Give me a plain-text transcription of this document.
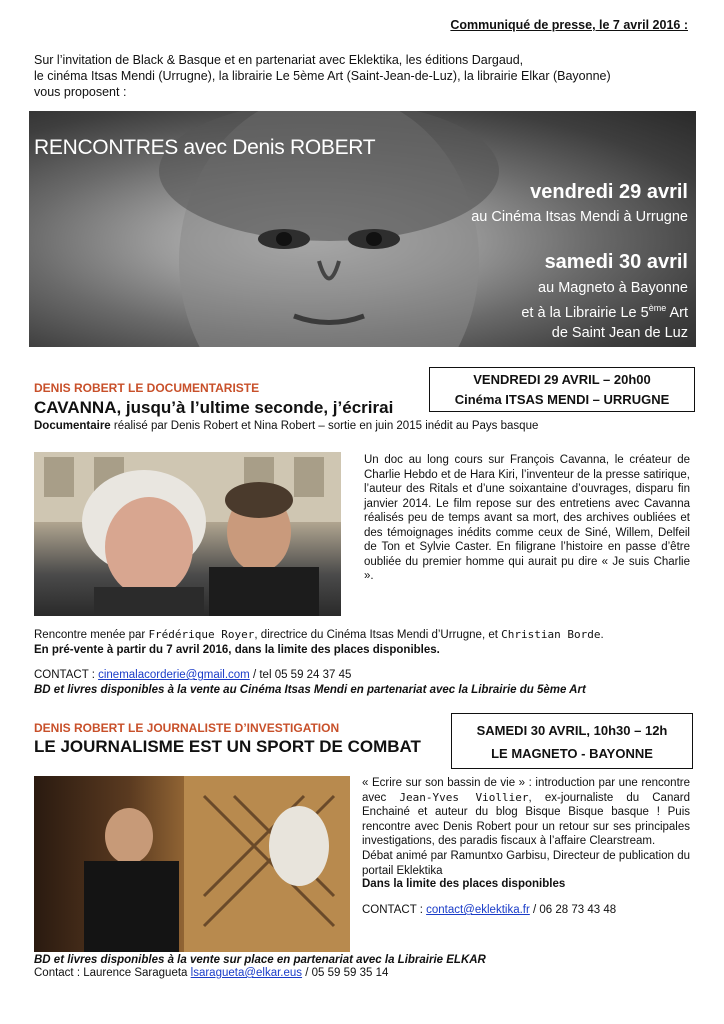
Communiqué de presse, le 7 avril 2016 :
Sur l’invitation de Black & Basque et en partenariat avec Eklektika, les éditions Dargaud,
le cinéma Itsas Mendi (Urrugne), la librairie Le 5ème Art (Saint-Jean-de-Luz), la librairie Elkar (Bayonne)
vous proposent :
RENCONTRES avec Denis ROBERT
vendredi 29 avril
au Cinéma Itsas Mendi à Urrugne
samedi 30 avril
au Magneto à Bayonne
et à la Librairie Le 5ème Art
de Saint Jean de Luz
DENIS ROBERT LE DOCUMENTARISTE
CAVANNA, jusqu’à l’ultime seconde, j’écrirai
VENDREDI 29 AVRIL – 20h00
Cinéma ITSAS MENDI – URRUGNE
Documentaire réalisé par Denis Robert et Nina Robert – sortie en juin 2015 inédit au Pays basque
Un doc au long cours sur François Cavanna, le créateur de Charlie Hebdo et de Hara Kiri, l’inventeur de la presse satirique, l’auteur des Ritals et d’une soixantaine d’ouvrages, disparu fin janvier 2014. Le film repose sur des entretiens avec Cavanna réalisés peu de temps avant sa mort, des archives oubliées et des témoignages inédits comme ceux de Siné, Willem, Delfeil de Ton et Sylvie Caster. En filigrane l’histoire en passe d’être oubliée du premier homme qui aurait pu dire « Je suis Charlie ».
Rencontre menée par Frédérique Royer, directrice du Cinéma Itsas Mendi d’Urrugne, et Christian Borde.
En pré-vente à partir du 7 avril 2016, dans la limite des places disponibles.
CONTACT : cinemalacorderie@gmail.com / tel 05 59 24 37 45
BD et livres disponibles à la vente au Cinéma Itsas Mendi en partenariat avec la Librairie du 5ème Art
DENIS ROBERT LE JOURNALISTE D’INVESTIGATION
LE JOURNALISME EST UN SPORT DE COMBAT
SAMEDI 30 AVRIL, 10h30 – 12h
LE MAGNETO - BAYONNE
« Ecrire sur son bassin de vie » : introduction par une rencontre avec Jean-Yves Viollier, ex-journaliste du Canard Enchainé et auteur du blog Bisque Bisque basque ! Puis rencontre avec Denis Robert pour un retour sur ses principales investigations, des paradis fiscaux à l’affaire Clearstream.
Débat animé par Ramuntxo Garbisu, Directeur de publication du portail Eklektika
Dans la limite des places disponibles
CONTACT : contact@eklektika.fr / 06 28 73 43 48
BD et livres disponibles à la vente sur place en partenariat avec la Librairie ELKAR
Contact : Laurence Saragueta lsaragueta@elkar.eus / 05 59 59 35 14
